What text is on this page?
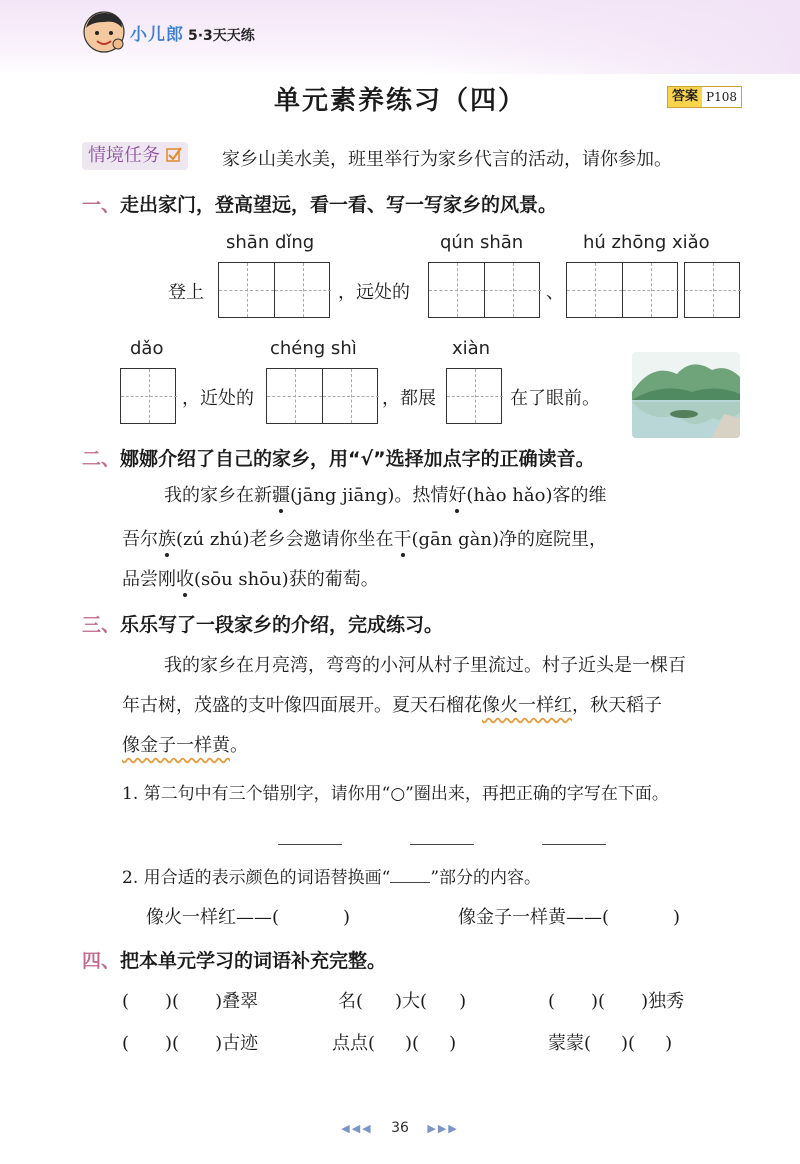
小儿郎 5·3天天练
单元素养练习（四）	答案 P108
情境任务	家乡山美水美，班里举行为家乡代言的活动，请你参加。
一、走出家门，登高望远，看一看、写一写家乡的风景。
shān dǐng	qún shān	hú zhōng xiǎo
登上	，远处的	、
dǎo	chéng shì	xiàn
，近处的	，都展	在了眼前。
二、娜娜介绍了自己的家乡，用“√”选择加点字的正确读音。
我的家乡在新疆(jāng jiāng)。热情好(hào hǎo)客的维
吾尔族(zú zhú)老乡会邀请你坐在干(gān gàn)净的庭院里，
品尝刚收(sōu shōu)获的葡萄。
三、乐乐写了一段家乡的介绍，完成练习。
我的家乡在月亮湾，弯弯的小河从村子里流过。村子近头是一棵百
年古树，茂盛的支叶像四面展开。夏天石榴花像火一样红，秋天稻子
像金子一样黄。
1. 第二句中有三个错别字，请你用“○”圈出来，再把正确的字写在下面。
2. 用合适的表示颜色的词语替换画“ ”部分的内容。
像火一样红——(	)	像金子一样黄——(	)
四、把本单元学习的词语补充完整。
( )( )叠翠	名( )大( )	( )( )独秀
( )( )古迹	点点( )( )	蒙蒙( )( )
◀◀◀ 36 ▶▶▶
